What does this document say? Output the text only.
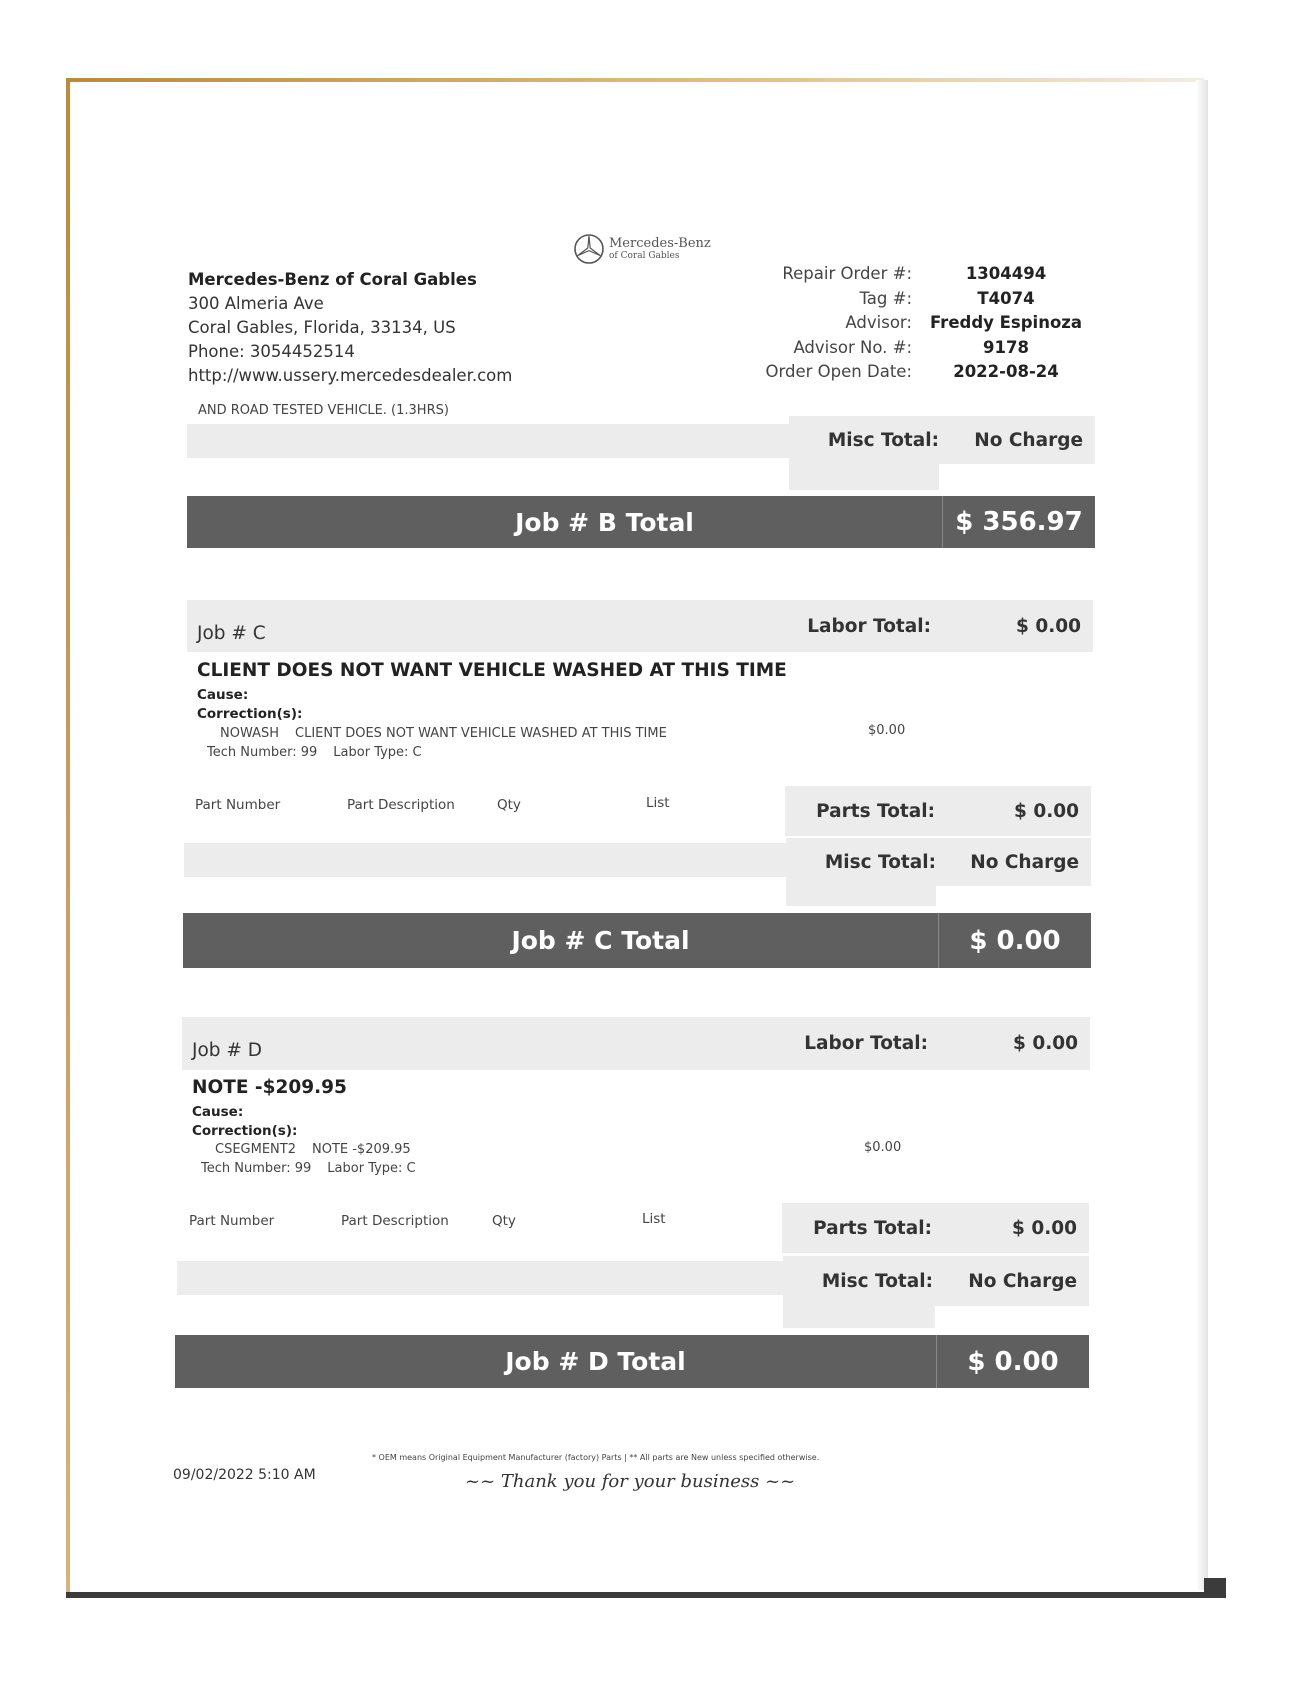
Mercedes-Benz
of Coral Gables
Mercedes-Benz of Coral Gables
300 Almeria Ave
Coral Gables, Florida, 33134, US
Phone: 3054452514
http://www.ussery.mercedesdealer.com
Repair Order #:	1304494
Tag #:	T4074
Advisor:	Freddy Espinoza
Advisor No. #:	9178
Order Open Date:	2022-08-24
AND ROAD TESTED VEHICLE. (1.3HRS)
Misc Total:	No Charge
Job # B Total	$ 356.97
Job # C	Labor Total:	$ 0.00
CLIENT DOES NOT WANT VEHICLE WASHED AT THIS TIME
Cause:
Correction(s):
NOWASH CLIENT DOES NOT WANT VEHICLE WASHED AT THIS TIME	$0.00
Tech Number: 99 Labor Type: C
Part Number	Part Description	Qty	List	Parts Total:	$ 0.00
Misc Total:	No Charge
Job # C Total	$ 0.00
Job # D	Labor Total:	$ 0.00
NOTE -$209.95
Cause:
Correction(s):
CSEGMENT2 NOTE -$209.95	$0.00
Tech Number: 99 Labor Type: C
Part Number	Part Description	Qty	List	Parts Total:	$ 0.00
Misc Total:	No Charge
Job # D Total	$ 0.00
09/02/2022 5:10 AM
* OEM means Original Equipment Manufacturer (factory) Parts | ** All parts are New unless specified otherwise.
~~ Thank you for your business ~~
